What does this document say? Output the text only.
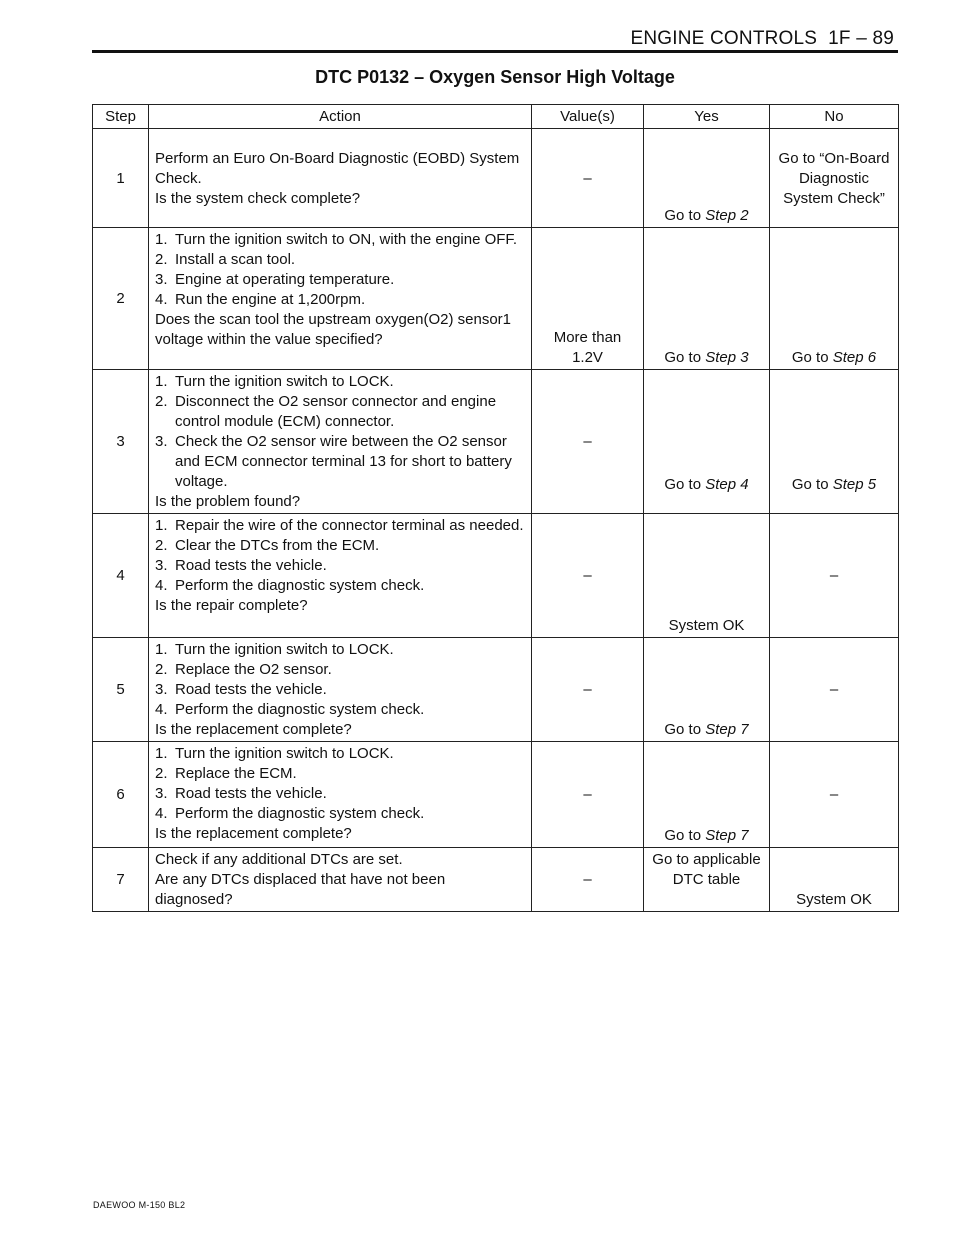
ENGINE CONTROLS 1F – 89
DTC P0132 – Oxygen Sensor High Voltage
Step	Action	Value(s)	Yes	No
1	Perform an Euro On-Board Diagnostic (EOBD) System Check.

Is the system check complete?	–	Go to Step 2	Go to “On-Board Diagnostic System Check”
2	1. Turn the ignition switch to ON, with the engine OFF.

2. Install a scan tool.

3. Engine at operating temperature.

4. Run the engine at 1,200rpm.

Does the scan tool the upstream oxygen(O2) sensor1 voltage within the value specified?	More than 1.2V	Go to Step 3	Go to Step 6
3	1. Turn the ignition switch to LOCK.

2. Disconnect the O2 sensor connector and engine control module (ECM) connector.

3. Check the O2 sensor wire between the O2 sensor and ECM connector terminal 13 for short to battery voltage.

Is the problem found?	–	Go to Step 4	Go to Step 5
4	1. Repair the wire of the connector terminal as needed.

2. Clear the DTCs from the ECM.

3. Road tests the vehicle.

4. Perform the diagnostic system check.

Is the repair complete?	–	System OK	–
5	1. Turn the ignition switch to LOCK.

2. Replace the O2 sensor.

3. Road tests the vehicle.

4. Perform the diagnostic system check.

Is the replacement complete?	–	Go to Step 7	–
6	1. Turn the ignition switch to LOCK.

2. Replace the ECM.

3. Road tests the vehicle.

4. Perform the diagnostic system check.

Is the replacement complete?	–	Go to Step 7	–
7	Check if any additional DTCs are set.

Are any DTCs displaced that have not been diagnosed?	–	Go to applicable DTC table	System OK
DAEWOO M-150 BL2
